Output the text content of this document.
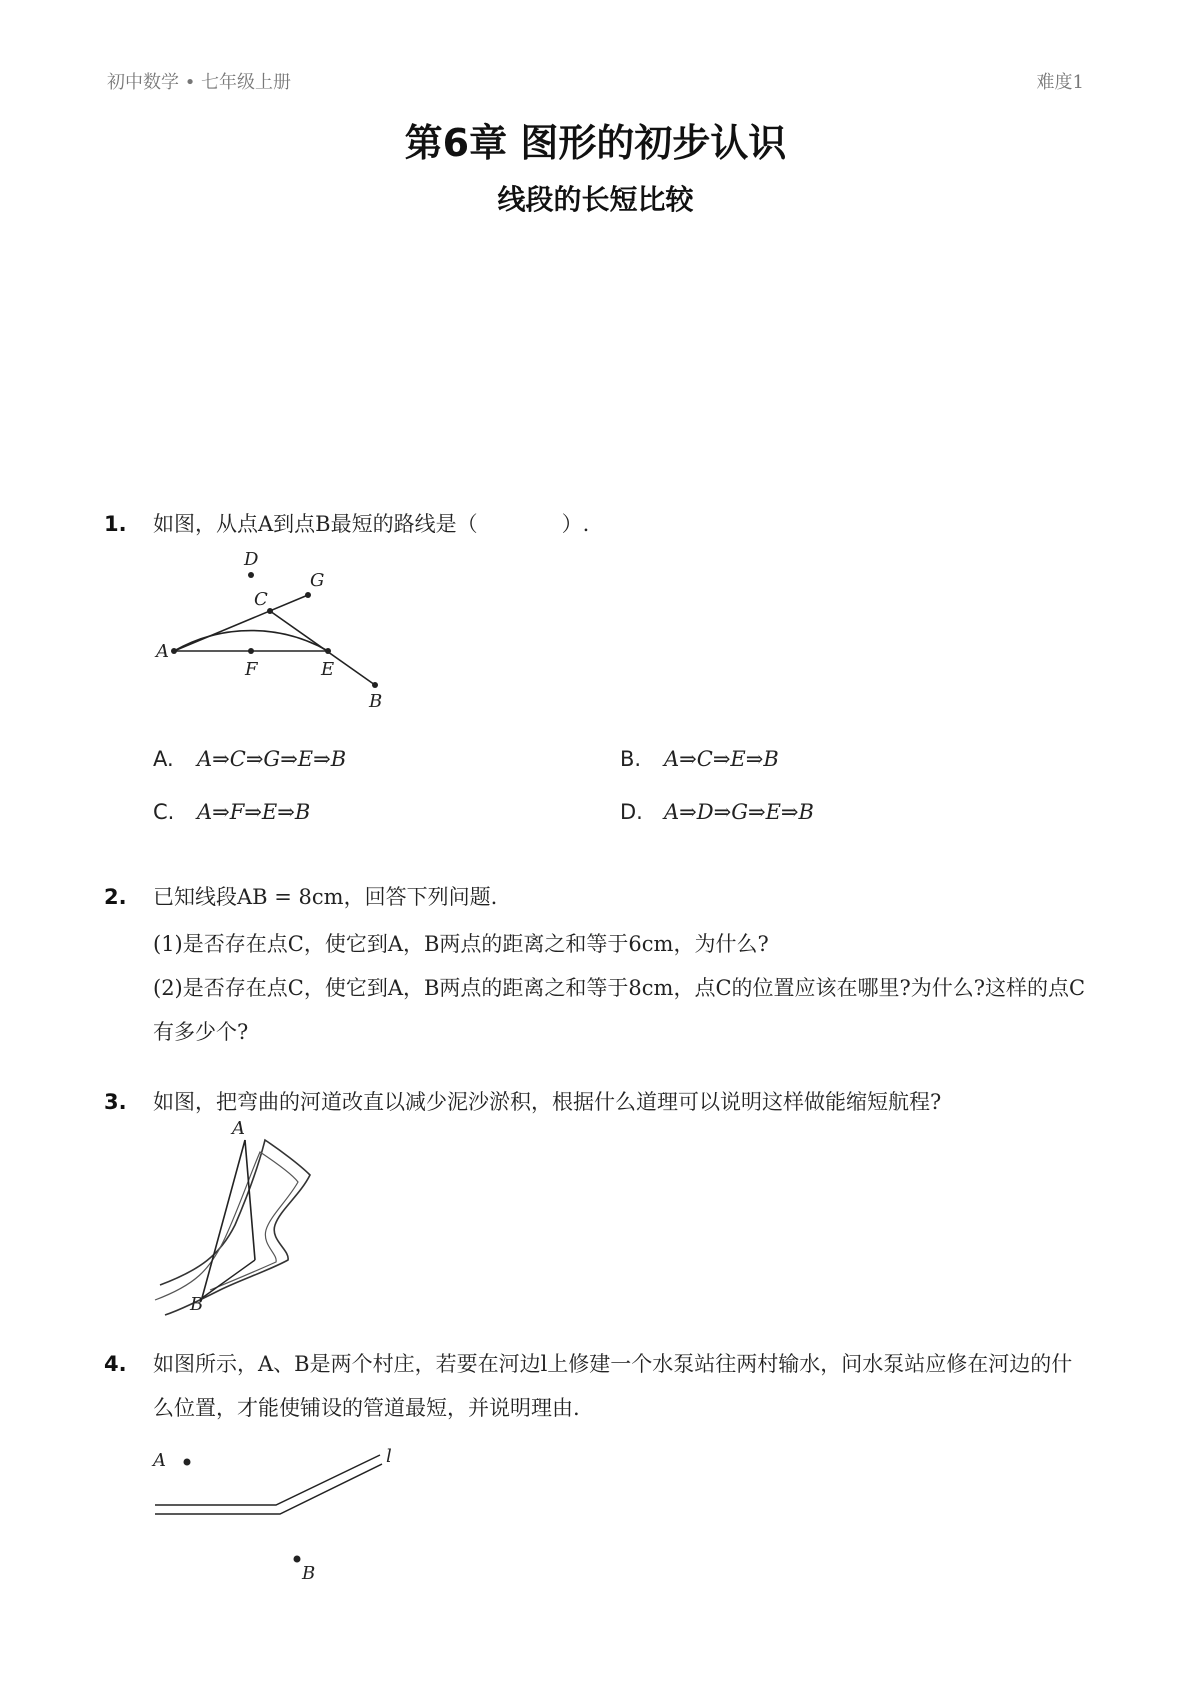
初中数学 • 七年级上册	难度1
第6章 图形的初步认识
线段的长短比较
1. 如图，从点A到点B最短的路线是（　　　　）.
A
D
G
C
F	E
B
A. A⇒C⇒G⇒E⇒B	B. A⇒C⇒E⇒B
C. A⇒F⇒E⇒B	D. A⇒D⇒G⇒E⇒B
2. 已知线段AB = 8cm，回答下列问题.
(1)是否存在点C，使它到A，B两点的距离之和等于6cm，为什么?
(2)是否存在点C，使它到A，B两点的距离之和等于8cm，点C的位置应该在哪里?为什么?这样的点C有多少个?
3. 如图，把弯曲的河道改直以减少泥沙淤积，根据什么道理可以说明这样做能缩短航程?
A
B
4. 如图所示，A、B是两个村庄，若要在河边l上修建一个水泵站往两村输水，问水泵站应修在河边的什么位置，才能使铺设的管道最短，并说明理由.
A	l
B
